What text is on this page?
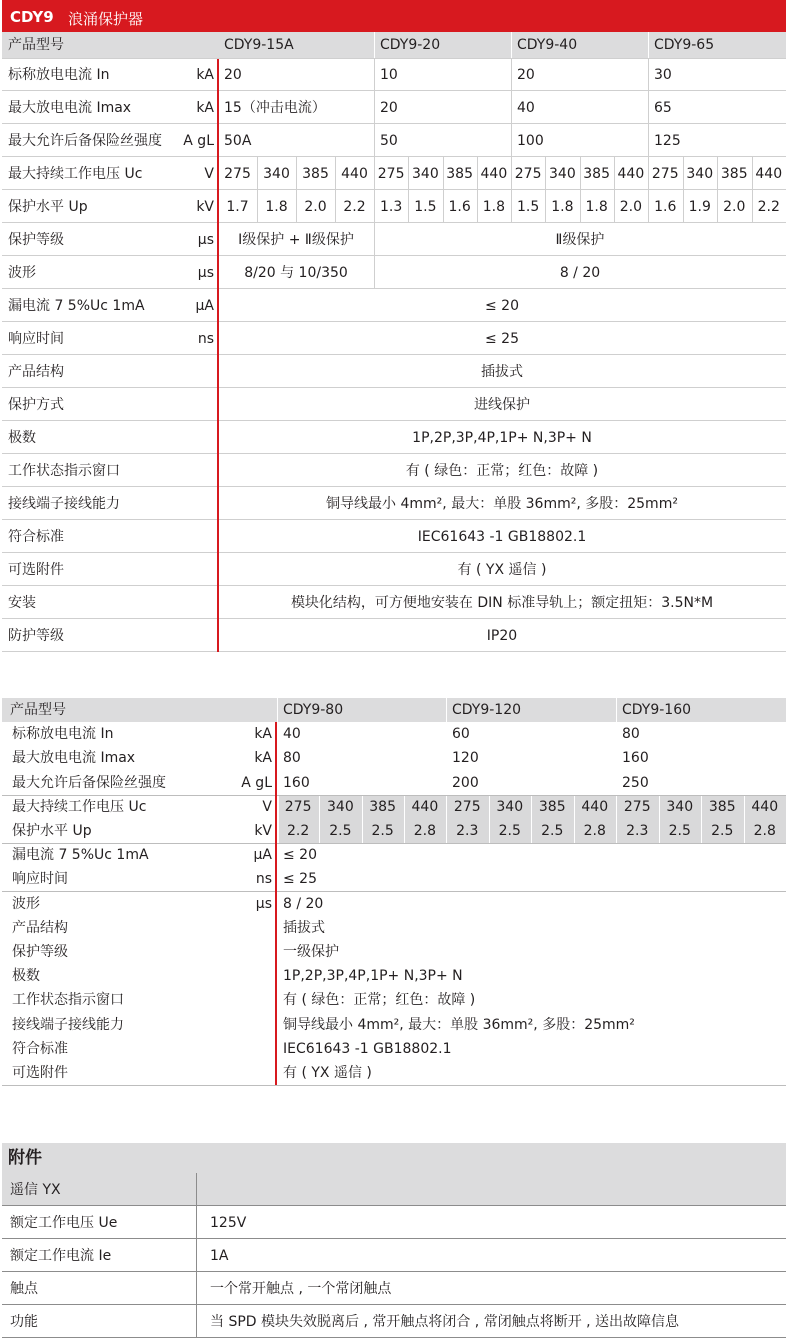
CDY9 浪涌保护器
产品型号	CDY9-15A	CDY9-20	CDY9-40	CDY9-65
标称放电电流 In	kA 20	10	20	30
最大放电电流 Imax	kA 15（冲击电流）	20	40	65
最大允许后备保险丝强度	A gL 50A	50	100	125
最大持续工作电压 Uc	V 275 340 385 440 275 340 385 440 275 340 385 440 275 340 385 440
保护水平 Up	kV 1.7	1.8	2.0	2.2	1.3 1.5 1.6 1.8 1.5 1.8 1.8 2.0 1.6 1.9 2.0 2.2
保护等级	μs	Ⅰ级保护 + Ⅱ级保护	Ⅱ级保护
波形	μs	8/20 与 10/350	8 / 20
漏电流 7 5%Uc 1mA	μA	≤ 20
响应时间	ns	≤ 25
产品结构	插拔式
保护方式	进线保护
极数	1P,2P,3P,4P,1P+ N,3P+ N
工作状态指示窗口	有 ( 绿色：正常；红色：故障 )
接线端子接线能力	铜导线最小 4mm², 最大：单股 36mm², 多股：25mm²
符合标准	IEC61643 -1 GB18802.1
可选附件	有 ( YX 遥信 )
安装	模块化结构，可方便地安装在 DIN 标准导轨上；额定扭矩：3.5N*M
防护等级	IP20
产品型号	CDY9-80	CDY9-120	CDY9-160
标称放电电流 In	kA 40	60	80
最大放电电流 Imax	kA 80	120	160
最大允许后备保险丝强度	A gL 160	200	250
最大持续工作电压 Uc	V 275	340	385	440	275	340	385	440	275	340	385	440
保护水平 Up	kV	2.2	2.5	2.5	2.8	2.3	2.5	2.5	2.8	2.3	2.5	2.5	2.8
漏电流 7 5%Uc 1mA	μA ≤ 20
响应时间	ns ≤ 25
波形	μs 8 / 20
产品结构	插拔式
保护等级	一级保护
极数	1P,2P,3P,4P,1P+ N,3P+ N
工作状态指示窗口	有 ( 绿色：正常；红色：故障 )
接线端子接线能力	铜导线最小 4mm², 最大：单股 36mm², 多股：25mm²
符合标准	IEC61643 -1 GB18802.1
可选附件	有 ( YX 遥信 )
附件
遥信 YX
额定工作电压 Ue	125V
额定工作电流 Ie	1A
触点	一个常开触点 , 一个常闭触点
功能	当 SPD 模块失效脱离后 , 常开触点将闭合 , 常闭触点将断开 , 送出故障信息
